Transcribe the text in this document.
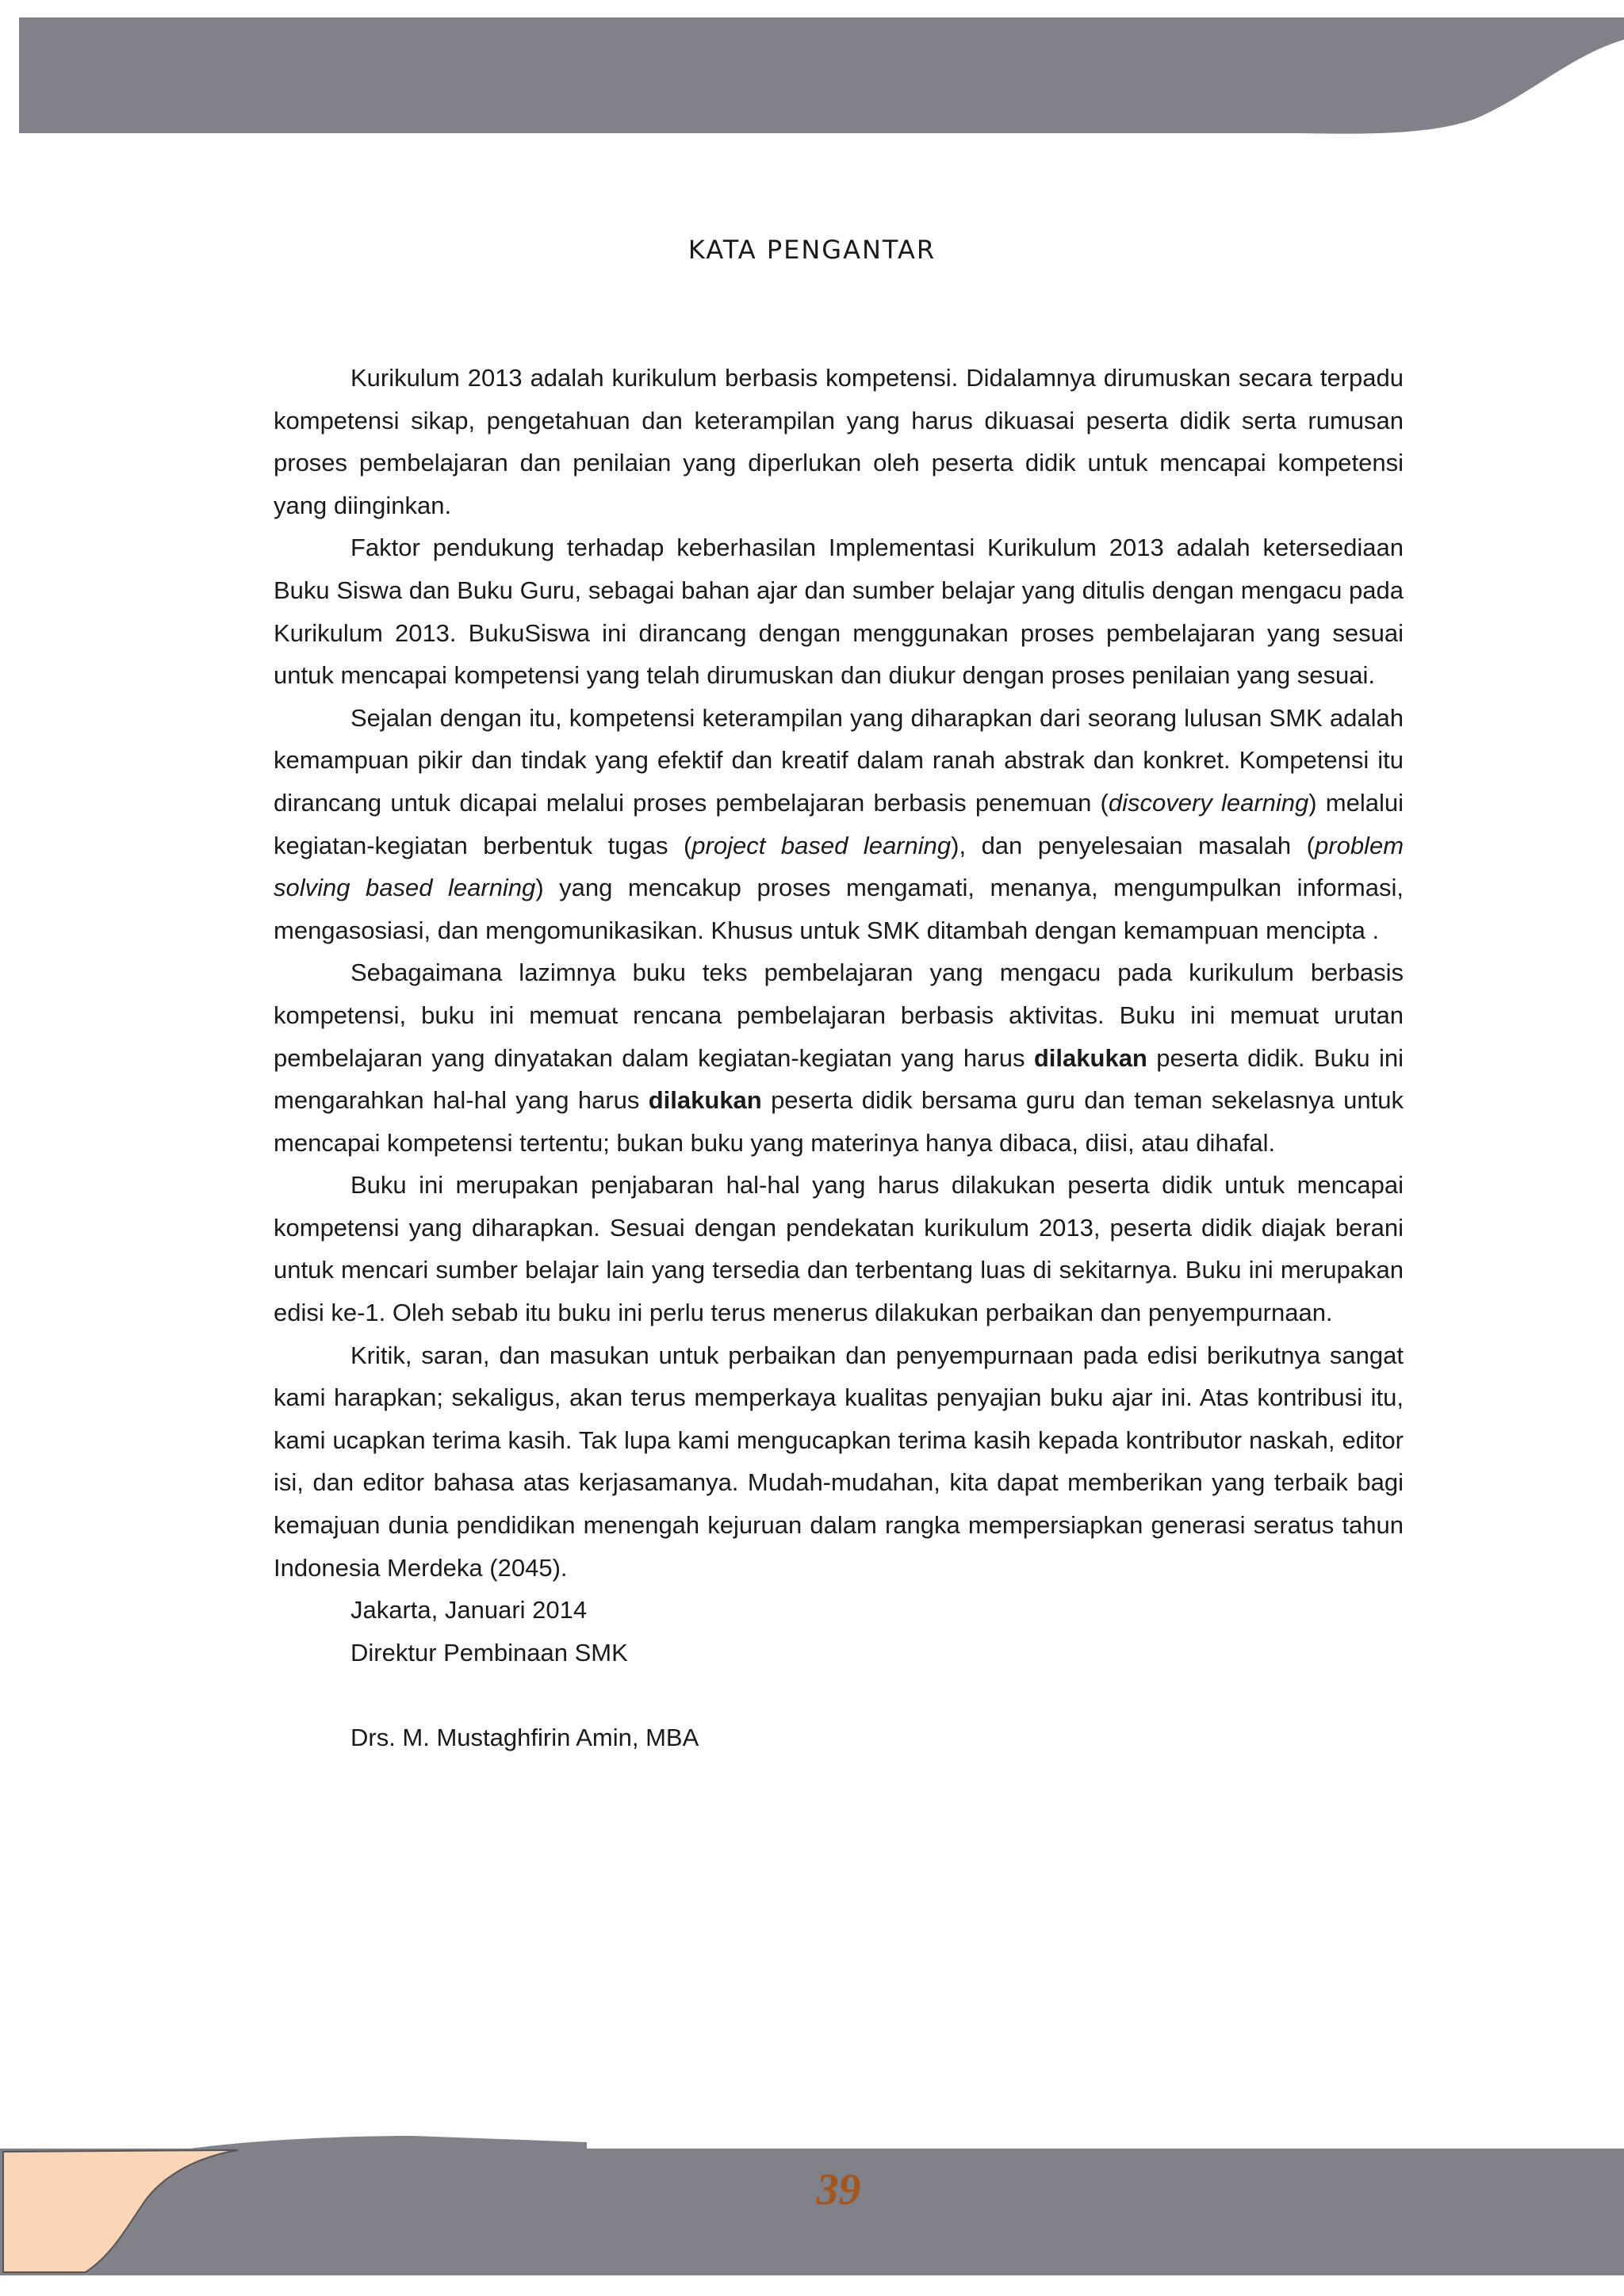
KATA PENGANTAR

Kurikulum 2013 adalah kurikulum berbasis kompetensi. Didalamnya dirumuskan secara terpadu kompetensi sikap, pengetahuan dan keterampilan yang harus dikuasai peserta didik serta rumusan proses pembelajaran dan penilaian yang diperlukan oleh peserta didik untuk mencapai kompetensi yang diinginkan.

Faktor pendukung terhadap keberhasilan Implementasi Kurikulum 2013 adalah ketersediaan Buku Siswa dan Buku Guru, sebagai bahan ajar dan sumber belajar yang ditulis dengan mengacu pada Kurikulum 2013. BukuSiswa ini dirancang dengan menggunakan proses pembelajaran yang sesuai untuk mencapai kompetensi yang telah dirumuskan dan diukur dengan proses penilaian yang sesuai.

Sejalan dengan itu, kompetensi keterampilan yang diharapkan dari seorang lulusan SMK adalah kemampuan pikir dan tindak yang efektif dan kreatif dalam ranah abstrak dan konkret. Kompetensi itu dirancang untuk dicapai melalui proses pembelajaran berbasis penemuan (discovery learning) melalui kegiatan-kegiatan berbentuk tugas (project based learning), dan penyelesaian masalah (problem solving based learning) yang mencakup proses mengamati, menanya, mengumpulkan informasi, mengasosiasi, dan mengomunikasikan. Khusus untuk SMK ditambah dengan kemampuan mencipta .

Sebagaimana lazimnya buku teks pembelajaran yang mengacu pada kurikulum berbasis kompetensi, buku ini memuat rencana pembelajaran berbasis aktivitas. Buku ini memuat urutan pembelajaran yang dinyatakan dalam kegiatan-kegiatan yang harus dilakukan peserta didik. Buku ini mengarahkan hal-hal yang harus dilakukan peserta didik bersama guru dan teman sekelasnya untuk mencapai kompetensi tertentu; bukan buku yang materinya hanya dibaca, diisi, atau dihafal.

Buku ini merupakan penjabaran hal-hal yang harus dilakukan peserta didik untuk mencapai kompetensi yang diharapkan. Sesuai dengan pendekatan kurikulum 2013, peserta didik diajak berani untuk mencari sumber belajar lain yang tersedia dan terbentang luas di sekitarnya. Buku ini merupakan edisi ke-1. Oleh sebab itu buku ini perlu terus menerus dilakukan perbaikan dan penyempurnaan.

Kritik, saran, dan masukan untuk perbaikan dan penyempurnaan pada edisi berikutnya sangat kami harapkan; sekaligus, akan terus memperkaya kualitas penyajian buku ajar ini. Atas kontribusi itu, kami ucapkan terima kasih. Tak lupa kami mengucapkan terima kasih kepada kontributor naskah, editor isi, dan editor bahasa atas kerjasamanya. Mudah-mudahan, kita dapat memberikan yang terbaik bagi kemajuan dunia pendidikan menengah kejuruan dalam rangka mempersiapkan generasi seratus tahun Indonesia Merdeka (2045).

Jakarta, Januari 2014

Direktur Pembinaan SMK

Drs. M. Mustaghfirin Amin, MBA

39
